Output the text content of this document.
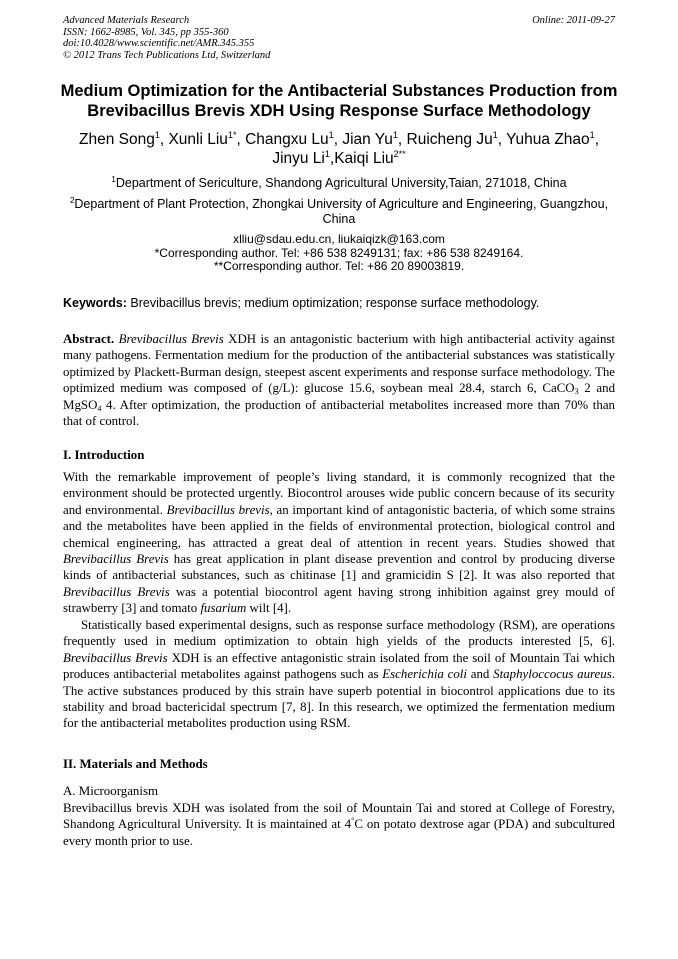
Advanced Materials Research
ISSN: 1662-8985, Vol. 345, pp 355-360
doi:10.4028/www.scientific.net/AMR.345.355
© 2012 Trans Tech Publications Ltd, Switzerland
Online: 2011-09-27
Medium Optimization for the Antibacterial Substances Production from
Brevibacillus Brevis XDH Using Response Surface Methodology
Zhen Song$^1$, Xunli Liu$^{1*}$, Changxu Lu$^1$, Jian Yu$^1$, Ruicheng Ju$^1$, Yuhua Zhao$^1$,
Jinyu Li$^1$,Kaiqi Liu$^{2**}$
$^1$Department of Sericulture, Shandong Agricultural University,Taian, 271018, China
$^2$Department of Plant Protection, Zhongkai University of Agriculture and Engineering, Guangzhou, China
xlliu@sdau.edu.cn, liukaiqizk@163.com
*Corresponding author. Tel: +86 538 8249131; fax: +86 538 8249164.
**Corresponding author. Tel: +86 20 89003819.
Keywords: Brevibacillus brevis; medium optimization; response surface methodology.

Abstract. Brevibacillus Brevis XDH is an antagonistic bacterium with high antibacterial activity against many pathogens. Fermentation medium for the production of the antibacterial substances was statistically optimized by Plackett-Burman design, steepest ascent experiments and response surface methodology. The optimized medium was composed of (g/L): glucose 15.6, soybean meal 28.4, starch 6, CaCO$_3$ 2 and MgSO$_4$ 4. After optimization, the production of antibacterial metabolites increased more than 70% than that of control.

I. Introduction

With the remarkable improvement of people’s living standard, it is commonly recognized that the environment should be protected urgently. Biocontrol arouses wide public concern because of its security and environmental. Brevibacillus brevis, an important kind of antagonistic bacteria, of which some strains and the metabolites have been applied in the fields of environmental protection, biological control and chemical engineering, has attracted a great deal of attention in recent years. Studies showed that Brevibacillus Brevis has great application in plant disease prevention and control by producing diverse kinds of antibacterial substances, such as chitinase [1] and gramicidin S [2]. It was also reported that Brevibacillus Brevis was a potential biocontrol agent having strong inhibition against grey mould of strawberry [3] and tomato fusarium wilt [4].

Statistically based experimental designs, such as response surface methodology (RSM), are operations frequently used in medium optimization to obtain high yields of the products interested [5, 6]. Brevibacillus Brevis XDH is an effective antagonistic strain isolated from the soil of Mountain Tai which produces antibacterial metabolites against pathogens such as Escherichia coli and Staphyloccocus aureus. The active substances produced by this strain have superb potential in biocontrol applications due to its stability and broad bactericidal spectrum [7, 8]. In this research, we optimized the fermentation medium for the antibacterial metabolites production using RSM.

II. Materials and Methods
A. Microorganism

Brevibacillus brevis XDH was isolated from the soil of Mountain Tai and stored at College of Forestry, Shandong Agricultural University. It is maintained at 4°C on potato dextrose agar (PDA) and subcultured every month prior to use.
